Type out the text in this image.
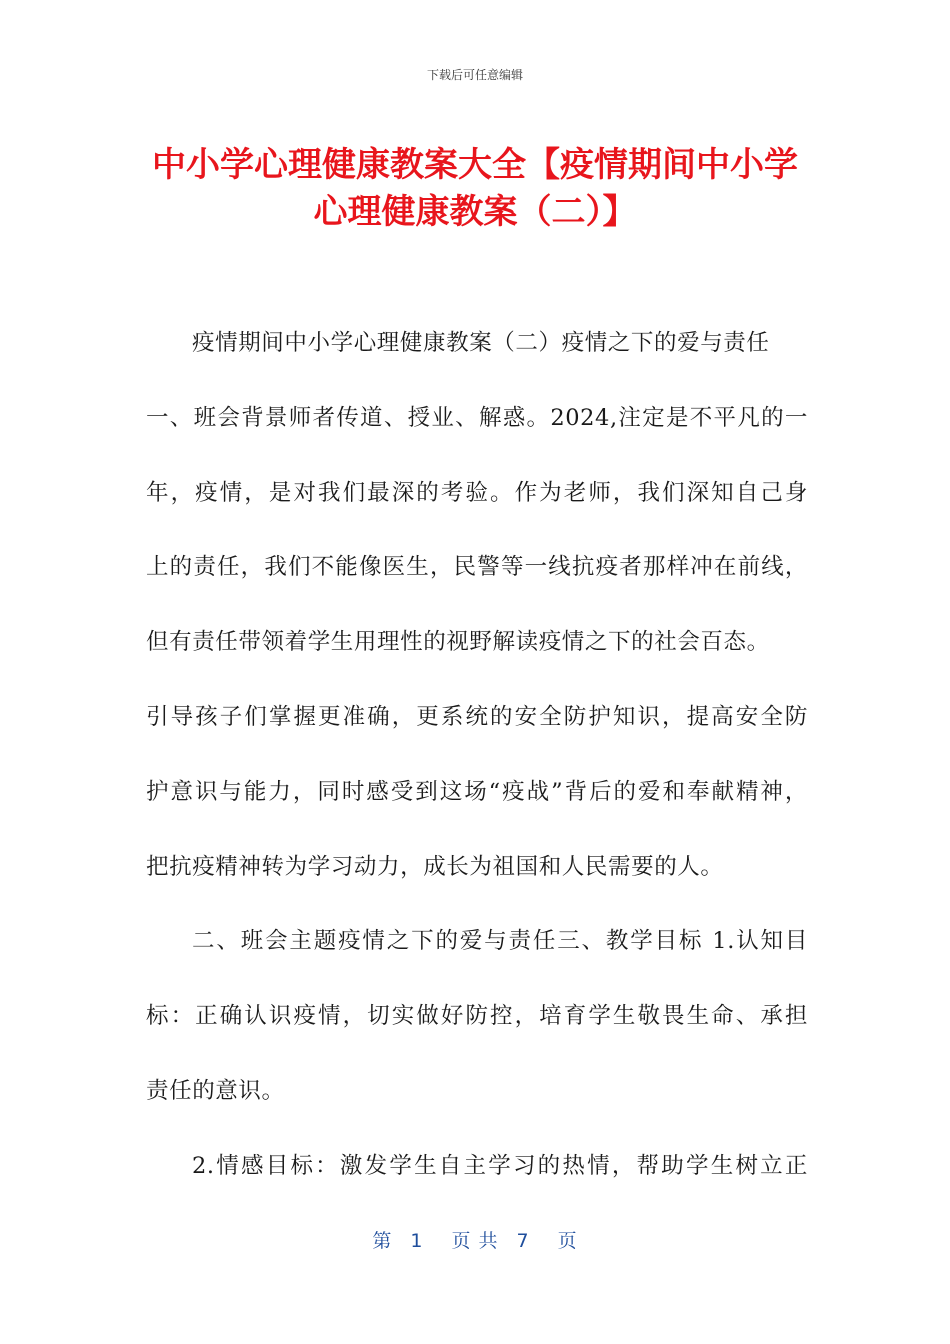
下载后可任意编辑
中小学心理健康教案大全【疫情期间中小学
心理健康教案（二）】
疫情期间中小学心理健康教案（二）疫情之下的爱与责任
一、班会背景师者传道、授业、解惑。2024,注定是不平凡的一
年，疫情，是对我们最深的考验。作为老师，我们深知自己身
上的责任，我们不能像医生，民警等一线抗疫者那样冲在前线，
但有责任带领着学生用理性的视野解读疫情之下的社会百态。
引导孩子们掌握更准确，更系统的安全防护知识，提高安全防
护意识与能力，同时感受到这场“疫战”背后的爱和奉献精神，
把抗疫精神转为学习动力，成长为祖国和人民需要的人。
二、班会主题疫情之下的爱与责任三、教学目标 1.认知目
标：正确认识疫情，切实做好防控，培育学生敬畏生命、承担
责任的意识。
2.情感目标：激发学生自主学习的热情，帮助学生树立正
第 1 页 共 7 页
